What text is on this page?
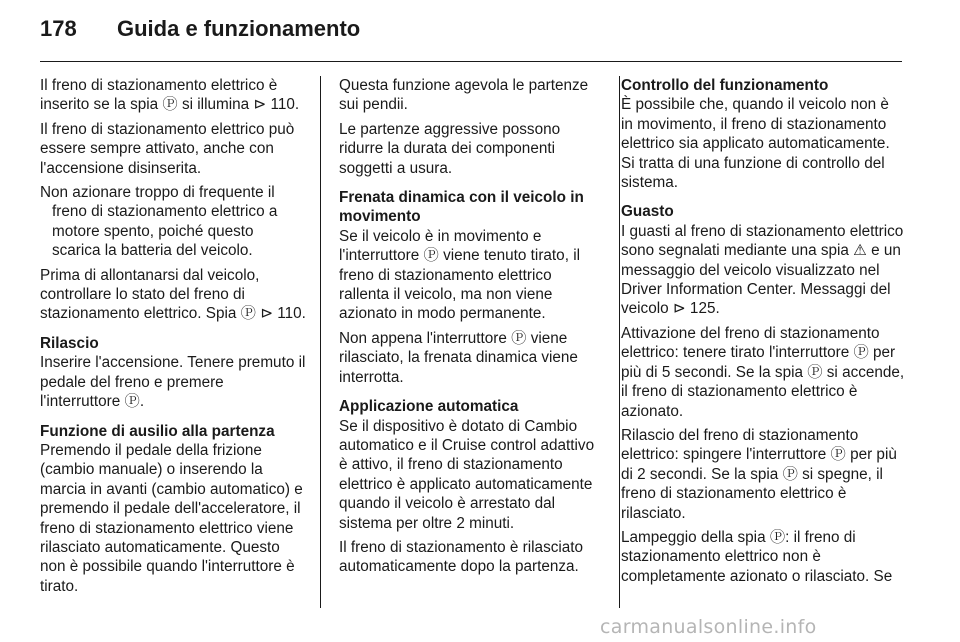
178 Guida e funzionamento

Il freno di stazionamento elettrico è inserito se la spia Ⓟ si illumina ⊳ 110.

Il freno di stazionamento elettrico può essere sempre attivato, anche con l'accensione disinserita.

Non azionare troppo di frequente il freno di stazionamento elettrico a motore spento, poiché questo scarica la batteria del veicolo.

Prima di allontanarsi dal veicolo, controllare lo stato del freno di stazionamento elettrico. Spia Ⓟ ⊳ 110.

Rilascio

Inserire l'accensione. Tenere premuto il pedale del freno e premere l'interruttore Ⓟ.

Funzione di ausilio alla partenza

Premendo il pedale della frizione (cambio manuale) o inserendo la marcia in avanti (cambio automatico) e premendo il pedale dell'acceleratore, il freno di stazionamento elettrico viene rilasciato automaticamente. Questo non è possibile quando l'interruttore è tirato.

Questa funzione agevola le partenze sui pendii.

Le partenze aggressive possono ridurre la durata dei componenti soggetti a usura.

Frenata dinamica con il veicolo in movimento

Se il veicolo è in movimento e l'interruttore Ⓟ viene tenuto tirato, il freno di stazionamento elettrico rallenta il veicolo, ma non viene azionato in modo permanente.

Non appena l'interruttore Ⓟ viene rilasciato, la frenata dinamica viene interrotta.

Applicazione automatica

Se il dispositivo è dotato di Cambio automatico e il Cruise control adattivo è attivo, il freno di stazionamento elettrico è applicato automaticamente quando il veicolo è arrestato dal sistema per oltre 2 minuti.

Il freno di stazionamento è rilasciato automaticamente dopo la partenza.

Controllo del funzionamento

È possibile che, quando il veicolo non è in movimento, il freno di stazionamento elettrico sia applicato automaticamente. Si tratta di una funzione di controllo del sistema.

Guasto

I guasti al freno di stazionamento elettrico sono segnalati mediante una spia ⚠ e un messaggio del veicolo visualizzato nel Driver Information Center. Messaggi del veicolo ⊳ 125.

Attivazione del freno di stazionamento elettrico: tenere tirato l'interruttore Ⓟ per più di 5 secondi. Se la spia Ⓟ si accende, il freno di stazionamento elettrico è azionato.

Rilascio del freno di stazionamento elettrico: spingere l'interruttore Ⓟ per più di 2 secondi. Se la spia Ⓟ si spegne, il freno di stazionamento elettrico è rilasciato.

Lampeggio della spia Ⓟ: il freno di stazionamento elettrico non è completamente azionato o rilasciato. Se

carmanualsonline.info
